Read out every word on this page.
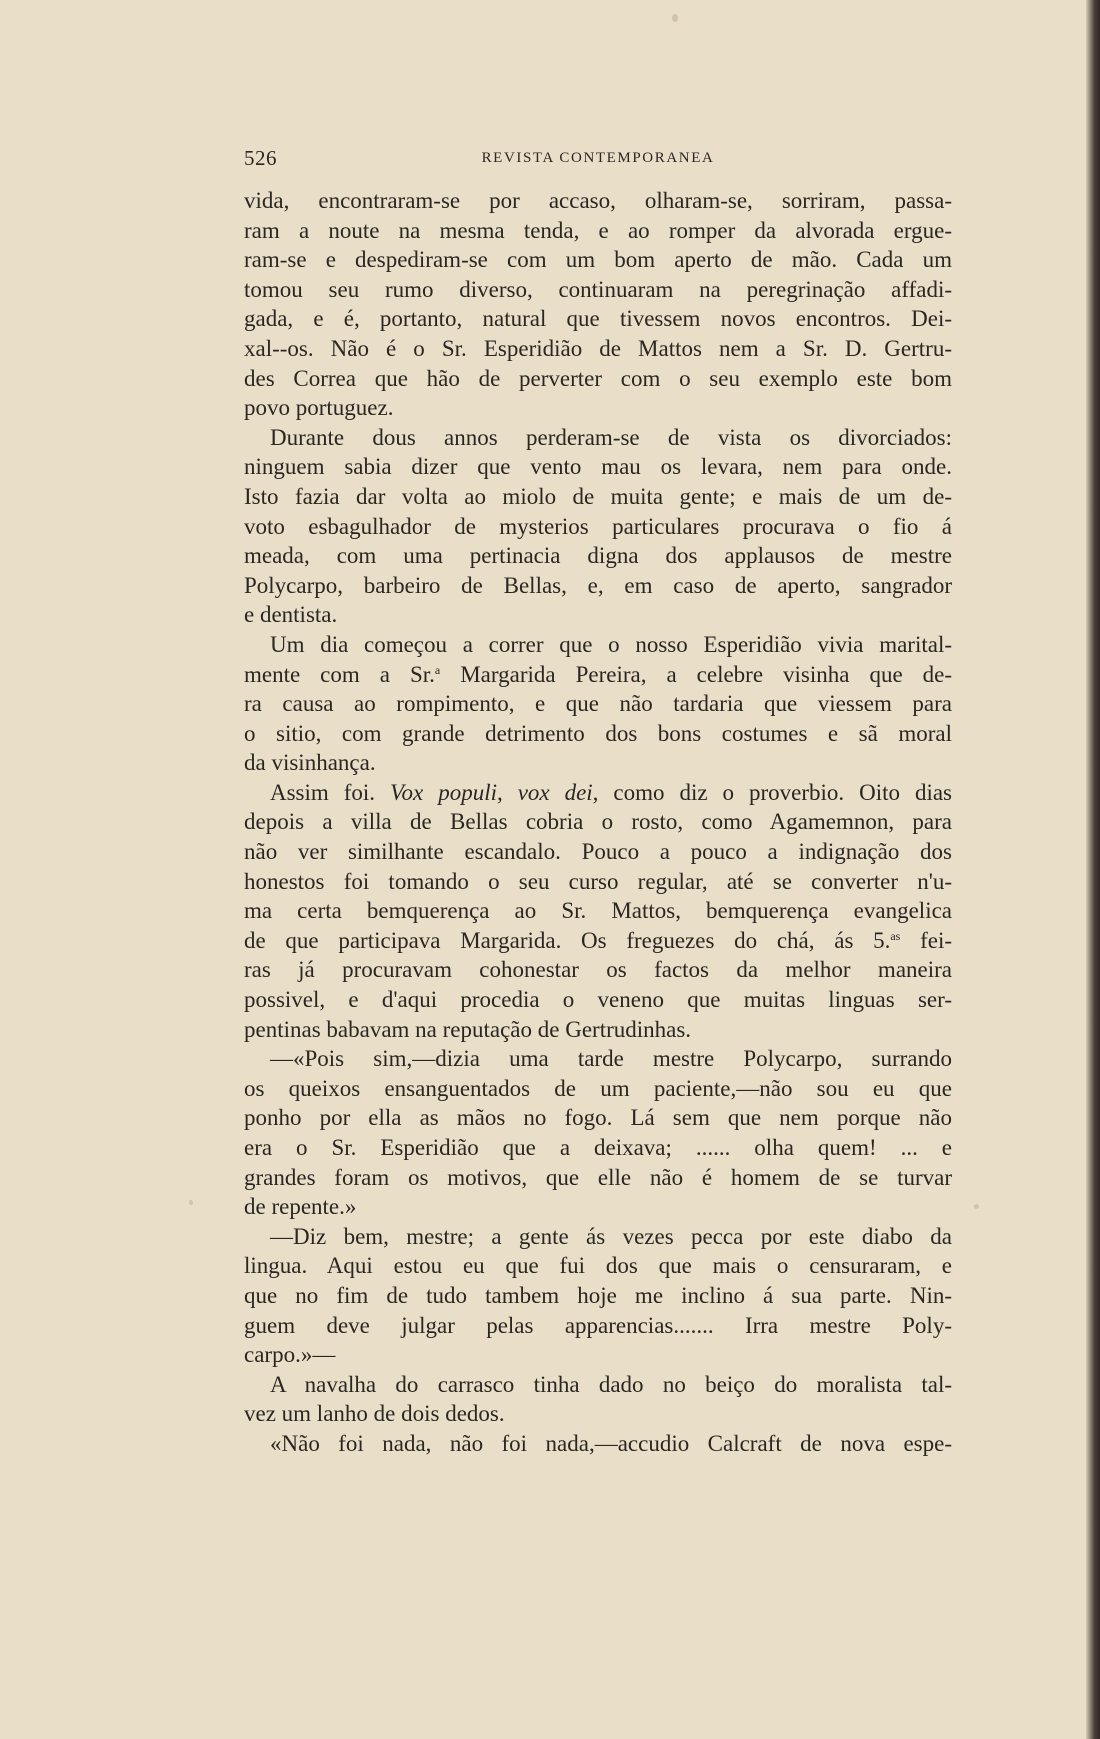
526	REVISTA CONTEMPORANEA
vida, encontraram-se por accaso, olharam-se, sorriram, passa-
ram a noute na mesma tenda, e ao romper da alvorada ergue-
ram-se e despediram-se com um bom aperto de mão. Cada um
tomou seu rumo diverso, continuaram na peregrinação affadi-
gada, e é, portanto, natural que tivessem novos encontros. Dei-
xal--os. Não é o Sr. Esperidião de Mattos nem a Sr. D. Gertru-
des Correa que hão de perverter com o seu exemplo este bom
povo portuguez.
Durante dous annos perderam-se de vista os divorciados:
ninguem sabia dizer que vento mau os levara, nem para onde.
Isto fazia dar volta ao miolo de muita gente; e mais de um de-
voto esbagulhador de mysterios particulares procurava o fio á
meada, com uma pertinacia digna dos applausos de mestre
Polycarpo, barbeiro de Bellas, e, em caso de aperto, sangrador
e dentista.
Um dia começou a correr que o nosso Esperidião vivia marital-
mente com a Sr.$^a$ Margarida Pereira, a celebre visinha que de-
ra causa ao rompimento, e que não tardaria que viessem para
o sitio, com grande detrimento dos bons costumes e sã moral
da visinhança.
Assim foi. Vox populi, vox dei, como diz o proverbio. Oito dias
depois a villa de Bellas cobria o rosto, como Agamemnon, para
não ver similhante escandalo. Pouco a pouco a indignação dos
honestos foi tomando o seu curso regular, até se converter n'u-
ma certa bemquerença ao Sr. Mattos, bemquerença evangelica
de que participava Margarida. Os freguezes do chá, ás 5.$^{as}$ fei-
ras já procuravam cohonestar os factos da melhor maneira
possivel, e d'aqui procedia o veneno que muitas linguas ser-
pentinas babavam na reputação de Gertrudinhas.
—«Pois sim,—dizia uma tarde mestre Polycarpo, surrando
os queixos ensanguentados de um paciente,—não sou eu que
ponho por ella as mãos no fogo. Lá sem que nem porque não
era o Sr. Esperidião que a deixava; ...... olha quem! ... e
grandes foram os motivos, que elle não é homem de se turvar
de repente.»
—Diz bem, mestre; a gente ás vezes pecca por este diabo da
lingua. Aqui estou eu que fui dos que mais o censuraram, e
que no fim de tudo tambem hoje me inclino á sua parte. Nin-
guem deve julgar pelas apparencias....... Irra mestre Poly-
carpo.»—
A navalha do carrasco tinha dado no beiço do moralista tal-
vez um lanho de dois dedos.
«Não foi nada, não foi nada,—accudio Calcraft de nova espe-
